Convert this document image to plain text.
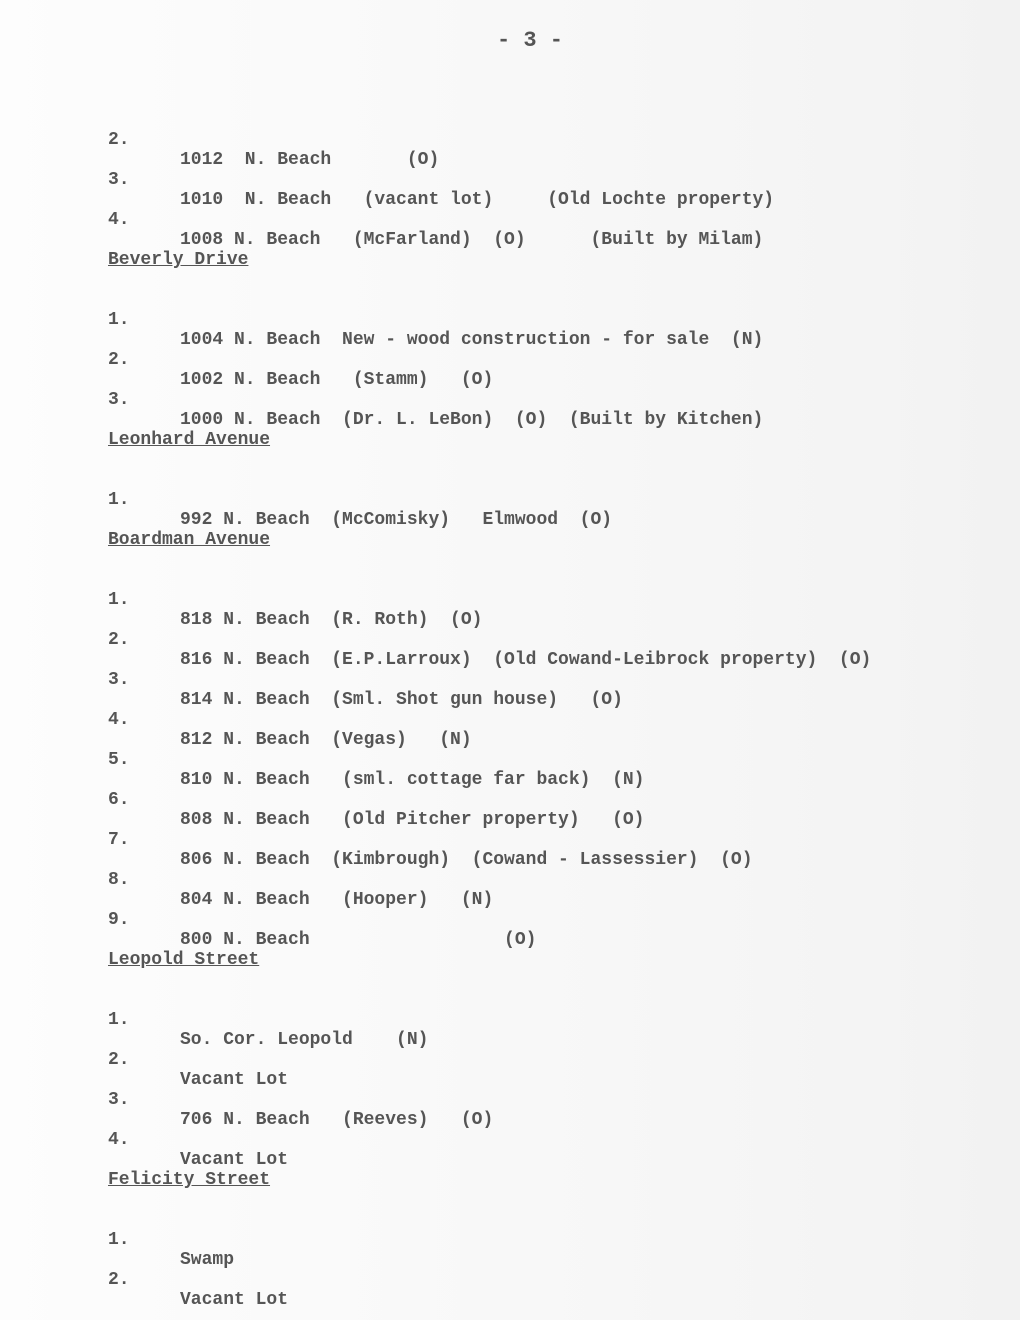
- 3 -

2.

1012  N. Beach       (O)

3.

1010  N. Beach   (vacant lot)     (Old Lochte property)

4.

1008 N. Beach   (McFarland)  (O)      (Built by Milam)

Beverly Drive

1.

1004 N. Beach  New - wood construction - for sale  (N)

2.

1002 N. Beach   (Stamm)   (O)

3.

1000 N. Beach  (Dr. L. LeBon)  (O)  (Built by Kitchen)

Leonhard Avenue

1.

992 N. Beach  (McComisky)   Elmwood  (O)

Boardman Avenue

1.

818 N. Beach  (R. Roth)  (O)

2.

816 N. Beach  (E.P.Larroux)  (Old Cowand-Leibrock property)  (O)

3.

814 N. Beach  (Sml. Shot gun house)   (O)

4.

812 N. Beach  (Vegas)   (N)

5.

810 N. Beach   (sml. cottage far back)  (N)

6.

808 N. Beach   (Old Pitcher property)   (O)

7.

806 N. Beach  (Kimbrough)  (Cowand - Lassessier)  (O)

8.

804 N. Beach   (Hooper)   (N)

9.

800 N. Beach                  (O)

Leopold Street

1.

So. Cor. Leopold    (N)

2.

Vacant Lot

3.

706 N. Beach   (Reeves)   (O)

4.

Vacant Lot

Felicity Street

1.

Swamp

2.

Vacant Lot
